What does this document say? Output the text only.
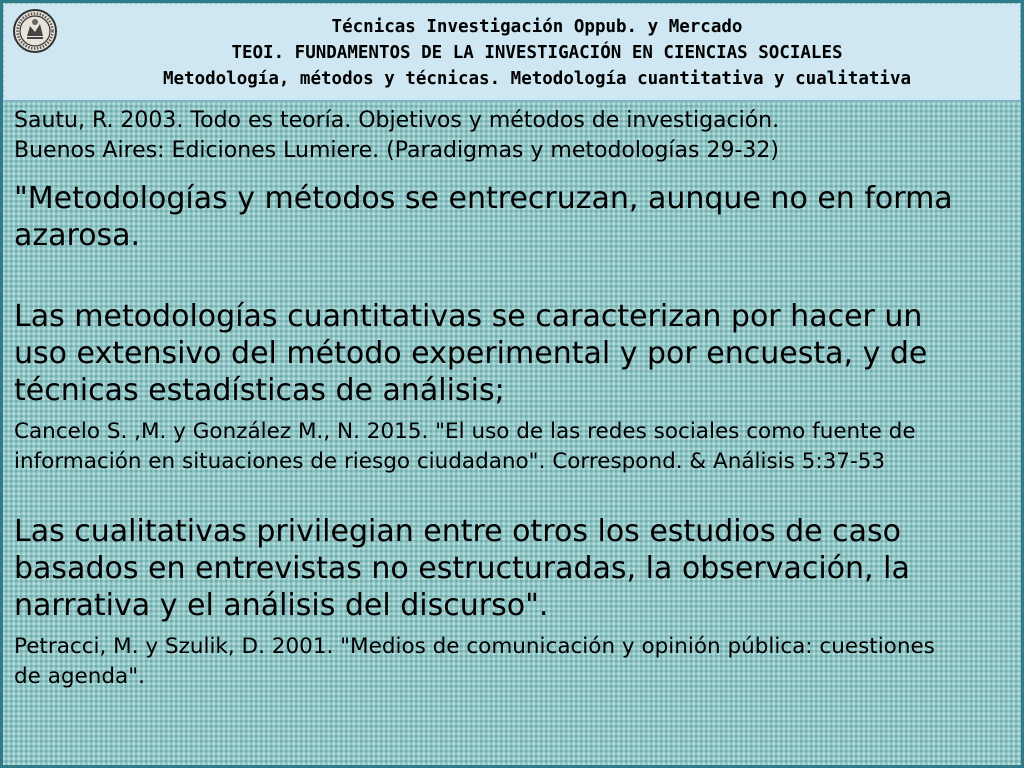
Técnicas Investigación Oppub. y Mercado
TEOI. FUNDAMENTOS DE LA INVESTIGACIÓN EN CIENCIAS SOCIALES
Metodología, métodos y técnicas. Metodología cuantitativa y cualitativa

Sautu, R. 2003. Todo es teoría. Objetivos y métodos de investigación.

Buenos Aires: Ediciones Lumiere. (Paradigmas y metodologías 29-32)

"Metodologías y métodos se entrecruzan, aunque no en forma

azarosa.

Las metodologías cuantitativas se caracterizan por hacer un

uso extensivo del método experimental y por encuesta, y de

técnicas estadísticas de análisis;

Cancelo S. ,M. y González M., N. 2015. "El uso de las redes sociales como fuente de

información en situaciones de riesgo ciudadano". Correspond. & Análisis 5:37-53

Las cualitativas privilegian entre otros los estudios de caso

basados en entrevistas no estructuradas, la observación, la

narrativa y el análisis del discurso".

Petracci, M. y Szulik, D. 2001. "Medios de comunicación y opinión pública: cuestiones

de agenda".
